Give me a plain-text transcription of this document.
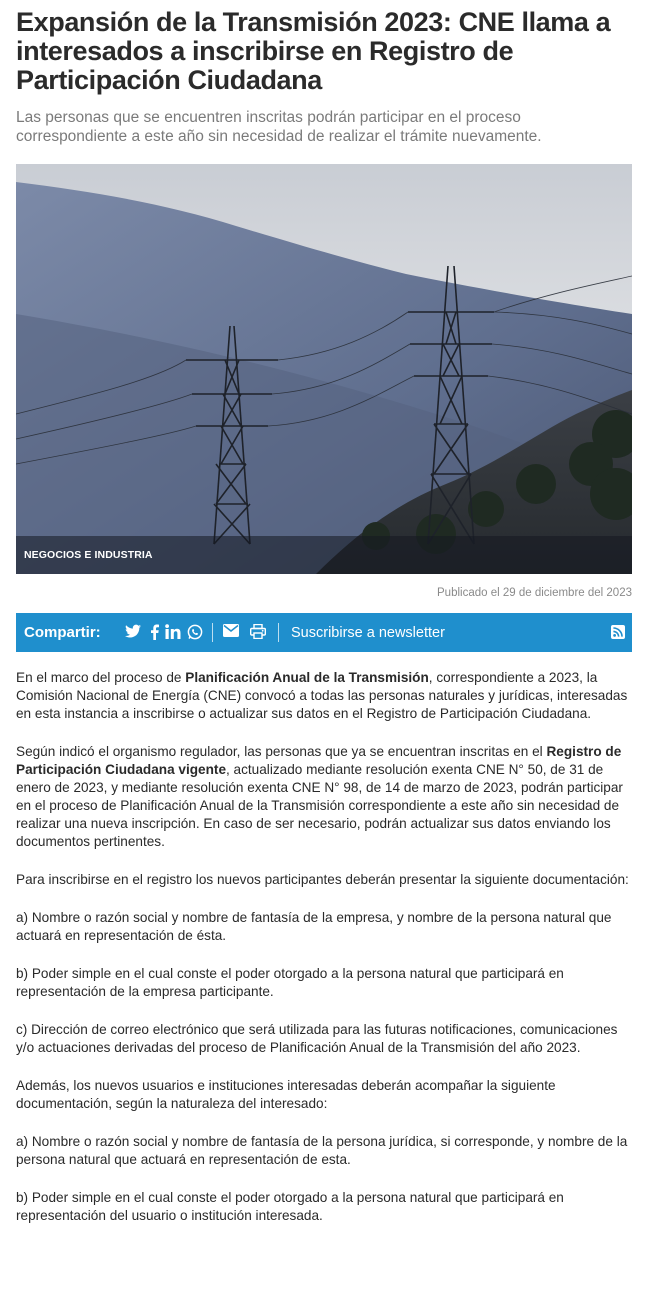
Expansión de la Transmisión 2023: CNE llama a interesados a inscribirse en Registro de Participación Ciudadana

Las personas que se encuentren inscritas podrán participar en el proceso correspondiente a este año sin necesidad de realizar el trámite nuevamente.

NEGOCIOS E INDUSTRIA
Publicado el 29 de diciembre del 2023
Compartir:	Suscribirse a newsletter

En el marco del proceso de Planificación Anual de la Transmisión, correspondiente a 2023, la Comisión Nacional de Energía (CNE) convocó a todas las personas naturales y jurídicas, interesadas en esta instancia a inscribirse o actualizar sus datos en el Registro de Participación Ciudadana.

Según indicó el organismo regulador, las personas que ya se encuentran inscritas en el Registro de Participación Ciudadana vigente, actualizado mediante resolución exenta CNE N° 50, de 31 de enero de 2023, y mediante resolución exenta CNE N° 98, de 14 de marzo de 2023, podrán participar en el proceso de Planificación Anual de la Transmisión correspondiente a este año sin necesidad de realizar una nueva inscripción. En caso de ser necesario, podrán actualizar sus datos enviando los documentos pertinentes.

Para inscribirse en el registro los nuevos participantes deberán presentar la siguiente documentación:

a) Nombre o razón social y nombre de fantasía de la empresa, y nombre de la persona natural que actuará en representación de ésta.

b) Poder simple en el cual conste el poder otorgado a la persona natural que participará en representación de la empresa participante.

c) Dirección de correo electrónico que será utilizada para las futuras notificaciones, comunicaciones y/o actuaciones derivadas del proceso de Planificación Anual de la Transmisión del año 2023.

Además, los nuevos usuarios e instituciones interesadas deberán acompañar la siguiente documentación, según la naturaleza del interesado:

a) Nombre o razón social y nombre de fantasía de la persona jurídica, si corresponde, y nombre de la persona natural que actuará en representación de esta.

b) Poder simple en el cual conste el poder otorgado a la persona natural que participará en representación del usuario o institución interesada.
